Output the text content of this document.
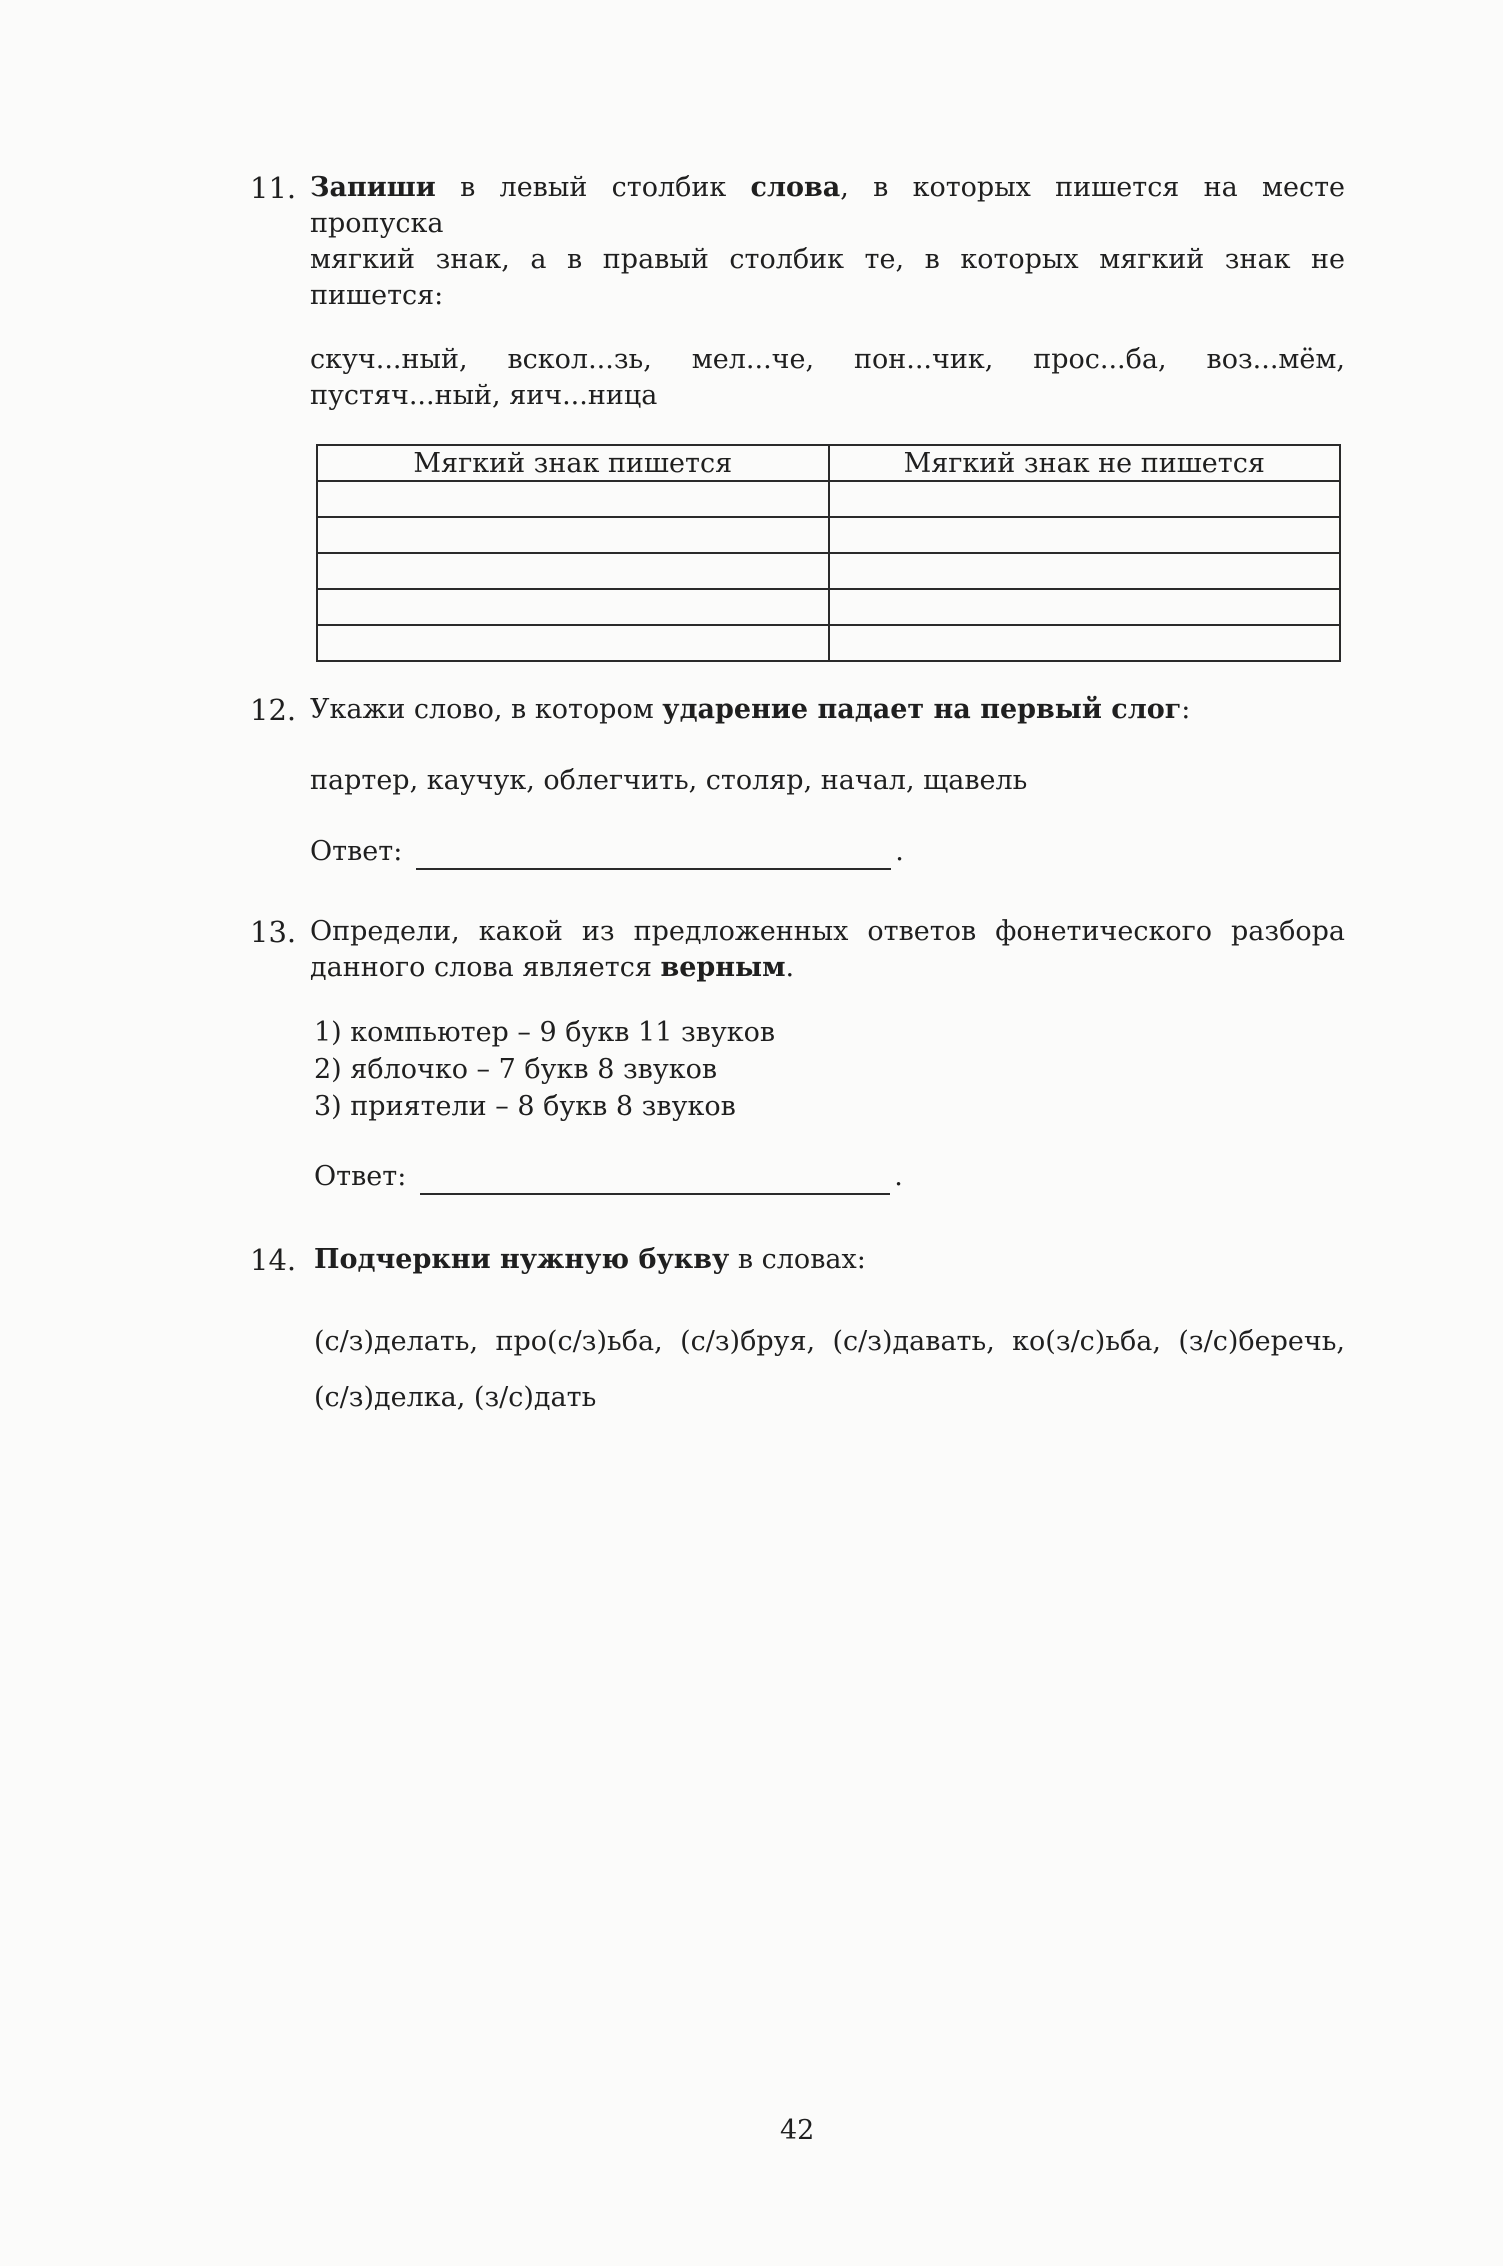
11. Запиши в левый столбик слова, в которых пишется на месте пропуска
мягкий знак, а в правый столбик те, в которых мягкий знак не
пишется:
скуч...ный, вскол...зь, мел...че, пон...чик, прос...ба, воз...мём,
пустяч...ный, яич...ница
Мягкий знак пишется	Мягкий знак не пишется

12. Укажи слово, в котором ударение падает на первый слог:
партер, каучук, облегчить, столяр, начал, щавель
Ответ:	.
13. Определи, какой из предложенных ответов фонетического разбора
данного слова является верным.
1) компьютер – 9 букв 11 звуков
2) яблочко – 7 букв 8 звуков
3) приятели – 8 букв 8 звуков
Ответ:	.
14. Подчеркни нужную букву в словах:
(с/з)делать, про(с/з)ьба, (с/з)бруя, (с/з)давать, ко(з/с)ьба, (з/с)беречь,
(с/з)делка, (з/с)дать
42
